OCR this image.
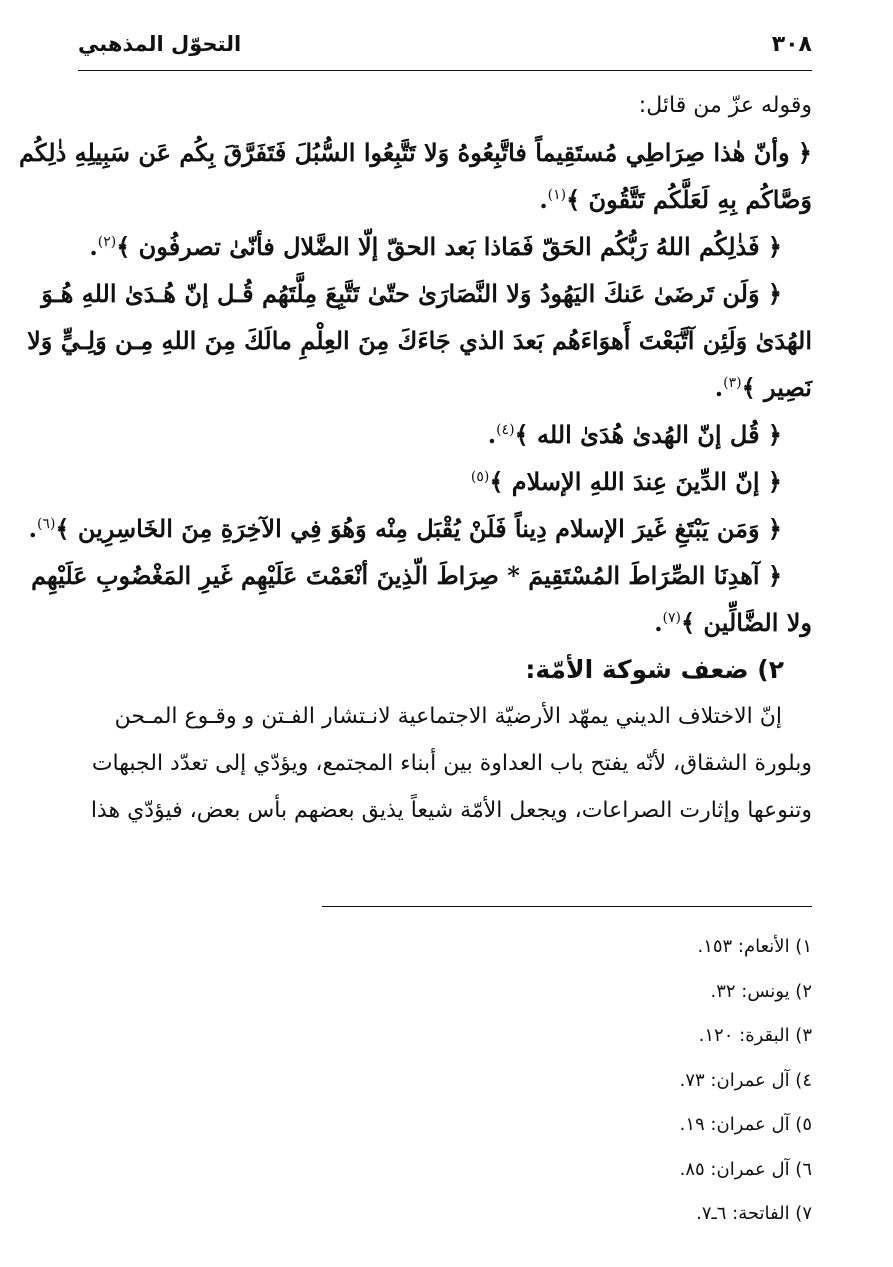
٣٠٨
التحوّل المذهبي

وقوله عزّ من قائل:

﴿ وأنّ هٰذا صِرَاطِي مُستَقِيماً فاتَّبِعُوهُ وَلا تَتَّبِعُوا السُّبُلَ فَتَفَرَّقَ بِكُم عَن سَبِيلِهِ ذٰلِكُم

وَصَّاكُم بِهِ لَعَلَّكُم تَتَّقُونَ ﴾$^{(١)}$.

﴿ فَذٰلِكُم اللهُ رَبُّكُم الحَقّ فَمَاذا بَعد الحقّ إلّا الضَّلال فأنّىٰ تصرفُون ﴾$^{(٢)}$.

﴿ وَلَن تَرضَىٰ عَنكَ اليَهُودُ وَلا النَّصَارَىٰ حتّىٰ تَتَّبِعَ مِلَّتَهُم قُـل إنّ هُـدَىٰ اللهِ هُـوَ

الهُدَىٰ وَلَئِن آتَّبَعْتَ أَهوَاءَهُم بَعدَ الذي جَاءَكَ مِنَ العِلْمِ مالَكَ مِنَ اللهِ مِـن وَلِـيٍّ وَلا

نَصِير ﴾$^{(٣)}$.

﴿ قُل إنّ الهُدىٰ هُدَىٰ الله ﴾$^{(٤)}$.

﴿ إنّ الدِّينَ عِندَ اللهِ الإسلام ﴾$^{(٥)}$

﴿ وَمَن يَبْتَغِ غَيرَ الإسلام دِيناً فَلَنْ يُقْبَل مِنْه وَهُوَ فِي الآخِرَةِ مِنَ الخَاسِرِين ﴾$^{(٦)}$.

﴿ آهدِنَا الصِّرَاطَ المُسْتَقِيمَ * صِرَاطَ الّذِينَ أنْعَمْتَ عَلَيْهِم غَيرِ المَغْضُوبِ عَلَيْهِم

ولا الضَّالِّين ﴾$^{(٧)}$.

٢) ضعف شوكة الأمّة:

إنّ الاختلاف الديني يمهّد الأرضيّة الاجتماعية لانـتشار الفـتن و وقـوع المـحن

وبلورة الشقاق، لأنّه يفتح باب العداوة بين أبناء المجتمع، ويؤدّي إلى تعدّد الجبهات

وتنوعها وإثارت الصراعات، ويجعل الأمّة شيعاً يذيق بعضهم بأس بعض، فيؤدّي هذا

١) الأنعام: ١٥٣.
٢) يونس: ٣٢.
٣) البقرة: ١٢٠.
٤) آل عمران: ٧٣.
٥) آل عمران: ١٩.
٦) آل عمران: ٨٥.
٧) الفاتحة: ٦ـ٧.
